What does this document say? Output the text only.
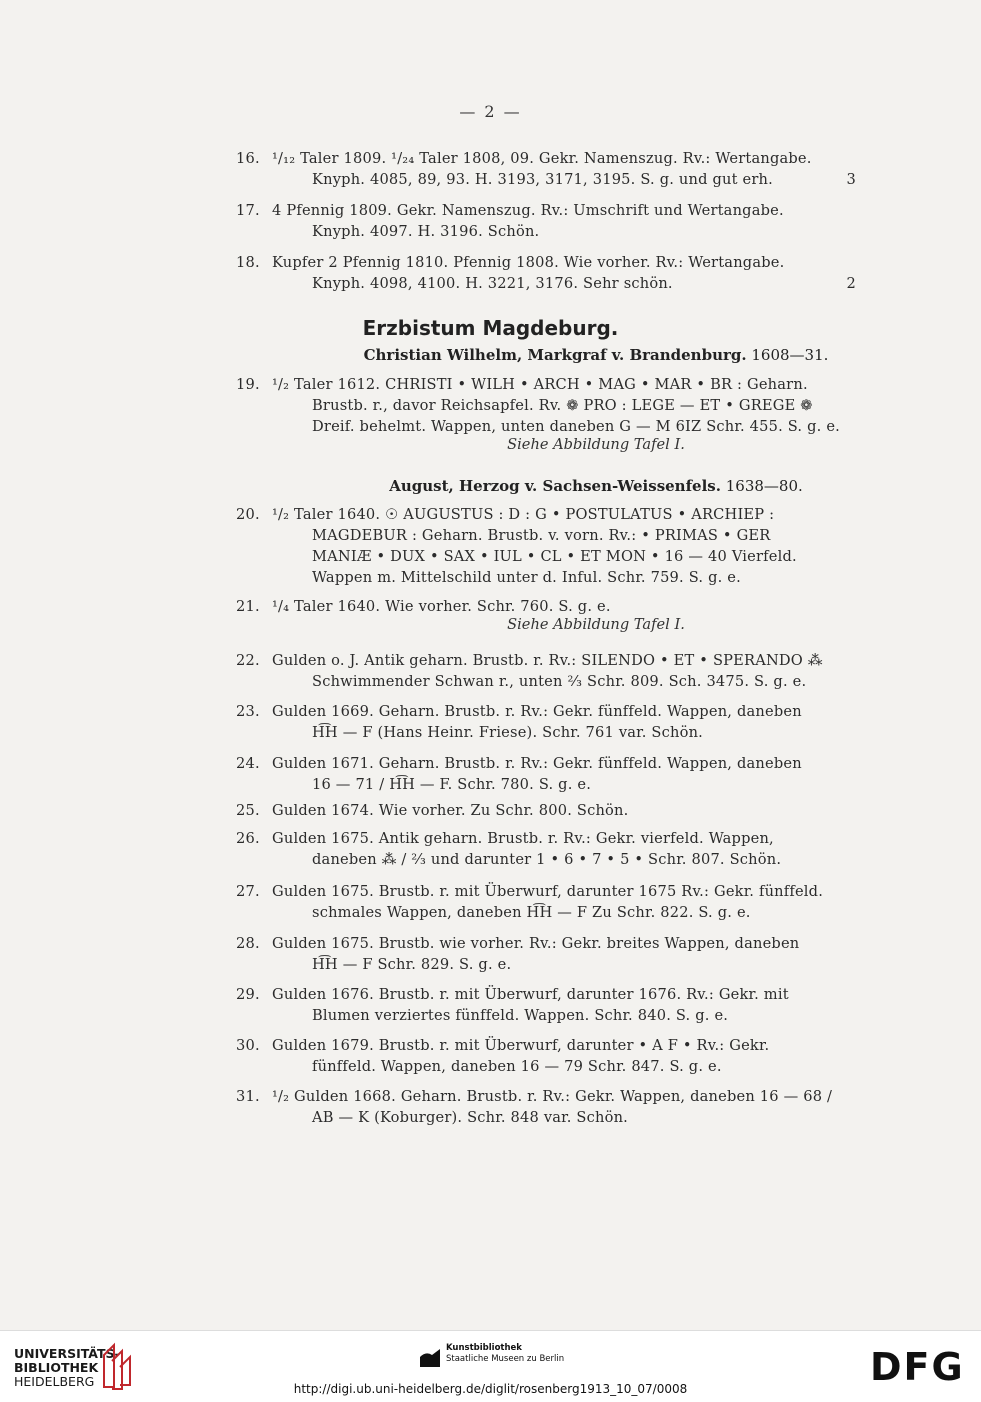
— 2 —
16. ¹/₁₂ Taler 1809. ¹/₂₄ Taler 1808, 09. Gekr. Namenszug. Rv.: Wertangabe.
Knyph. 4085, 89, 93. H. 3193, 3171, 3195. S. g. und gut erh.	3
17. 4 Pfennig 1809. Gekr. Namenszug. Rv.: Umschrift und Wertangabe.
Knyph. 4097. H. 3196. Schön.
18. Kupfer 2 Pfennig 1810. Pfennig 1808. Wie vorher. Rv.: Wertangabe.
Knyph. 4098, 4100. H. 3221, 3176. Sehr schön.	2
Erzbistum Magdeburg.
Christian Wilhelm, Markgraf v. Brandenburg. 1608—31.
19. ¹/₂ Taler 1612. CHRISTI • WILH • ARCH • MAG • MAR • BR : Geharn.
Brustb. r., davor Reichsapfel. Rv. ❁ PRO : LEGE — ET • GREGE ❁
Dreif. behelmt. Wappen, unten daneben G — M 6IZ Schr. 455. S. g. e.
Siehe Abbildung Tafel I.
August, Herzog v. Sachsen-Weissenfels. 1638—80.
20. ¹/₂ Taler 1640. ☉ AUGUSTUS : D : G • POSTULATUS • ARCHIEP :
MAGDEBUR : Geharn. Brustb. v. vorn. Rv.: • PRIMAS • GER
MANIÆ • DUX • SAX • IUL • CL • ET MON • 16 — 40 Vierfeld.
Wappen m. Mittelschild unter d. Inful. Schr. 759. S. g. e.
21. ¹/₄ Taler 1640. Wie vorher. Schr. 760. S. g. e.
Siehe Abbildung Tafel I.
22. Gulden o. J. Antik geharn. Brustb. r. Rv.: SILENDO • ET • SPERANDO ⁂
Schwimmender Schwan r., unten ²⁄₃ Schr. 809. Sch. 3475. S. g. e.
23. Gulden 1669. Geharn. Brustb. r. Rv.: Gekr. fünffeld. Wappen, daneben
H͡H — F (Hans Heinr. Friese). Schr. 761 var. Schön.
24. Gulden 1671. Geharn. Brustb. r. Rv.: Gekr. fünffeld. Wappen, daneben
16 — 71 / H͡H — F. Schr. 780. S. g. e.
25. Gulden 1674. Wie vorher. Zu Schr. 800. Schön.
26. Gulden 1675. Antik geharn. Brustb. r. Rv.: Gekr. vierfeld. Wappen,
daneben ⁂ / ²⁄₃ und darunter 1 • 6 • 7 • 5 • Schr. 807. Schön.
27. Gulden 1675. Brustb. r. mit Überwurf, darunter 1675 Rv.: Gekr. fünffeld.
schmales Wappen, daneben H͡H — F Zu Schr. 822. S. g. e.
28. Gulden 1675. Brustb. wie vorher. Rv.: Gekr. breites Wappen, daneben
H͡H — F Schr. 829. S. g. e.
29. Gulden 1676. Brustb. r. mit Überwurf, darunter 1676. Rv.: Gekr. mit
Blumen verziertes fünffeld. Wappen. Schr. 840. S. g. e.
30. Gulden 1679. Brustb. r. mit Überwurf, darunter • A F • Rv.: Gekr.
fünffeld. Wappen, daneben 16 — 79 Schr. 847. S. g. e.
31. ¹/₂ Gulden 1668. Geharn. Brustb. r. Rv.: Gekr. Wappen, daneben 16 — 68 /
AB — K (Koburger). Schr. 848 var. Schön.
UNIVERSITÄTS-
BIBLIOTHEK
HEIDELBERG
Kunstbibliothek
Staatliche Museen zu Berlin	DFG
http://digi.ub.uni-heidelberg.de/diglit/rosenberg1913_10_07/0008
